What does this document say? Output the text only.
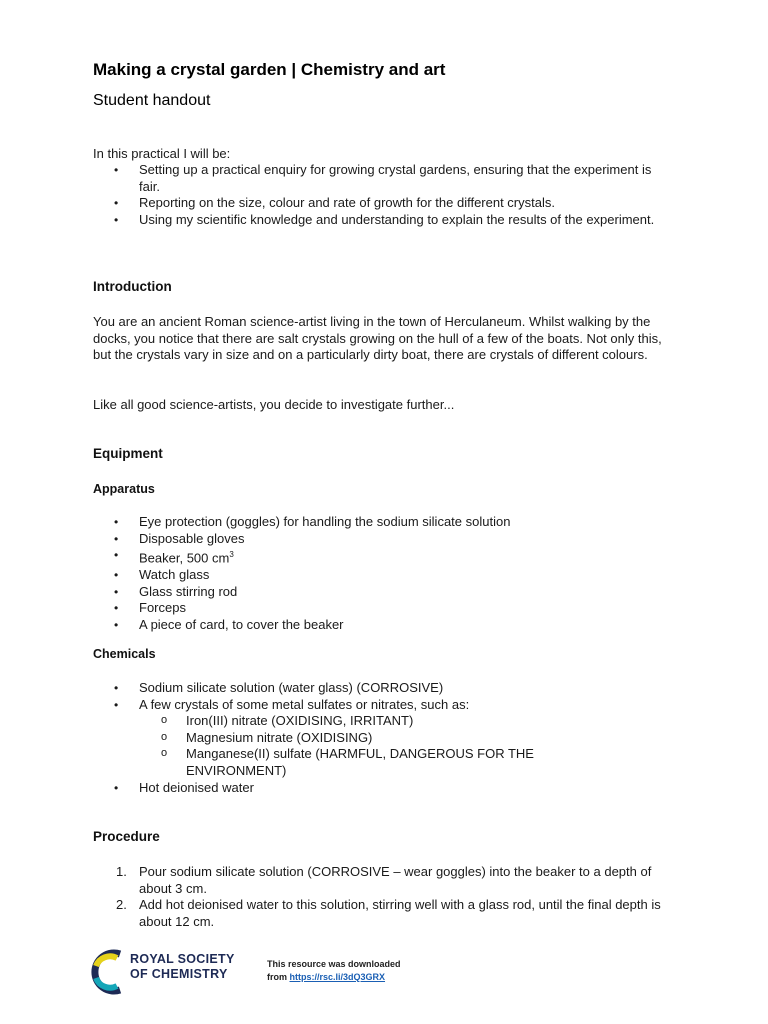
Making a crystal garden | Chemistry and art
Student handout
In this practical I will be:
• Setting up a practical enquiry for growing crystal gardens, ensuring that the experiment is fair.
• Reporting on the size, colour and rate of growth for the different crystals.
• Using my scientific knowledge and understanding to explain the results of the experiment.
Introduction
You are an ancient Roman science-artist living in the town of Herculaneum. Whilst walking by the docks, you notice that there are salt crystals growing on the hull of a few of the boats. Not only this, but the crystals vary in size and on a particularly dirty boat, there are crystals of different colours.
Like all good science-artists, you decide to investigate further...
Equipment
Apparatus
• Eye protection (goggles) for handling the sodium silicate solution
• Disposable gloves
• Beaker, 500 $cm^3$
• Watch glass
• Glass stirring rod
• Forceps
• A piece of card, to cover the beaker
Chemicals
• Sodium silicate solution (water glass) (CORROSIVE)
• A few crystals of some metal sulfates or nitrates, such as:
o Iron(III) nitrate (OXIDISING, IRRITANT)
o Magnesium nitrate (OXIDISING)
o Manganese(II) sulfate (HARMFUL, DANGEROUS FOR THE ENVIRONMENT)
• Hot deionised water
Procedure
1. Pour sodium silicate solution (CORROSIVE – wear goggles) into the beaker to a depth of about 3 cm.
2. Add hot deionised water to this solution, stirring well with a glass rod, until the final depth is about 12 cm.
ROYAL SOCIETY
OF CHEMISTRY
This resource was downloaded
from https://rsc.li/3dQ3GRX
